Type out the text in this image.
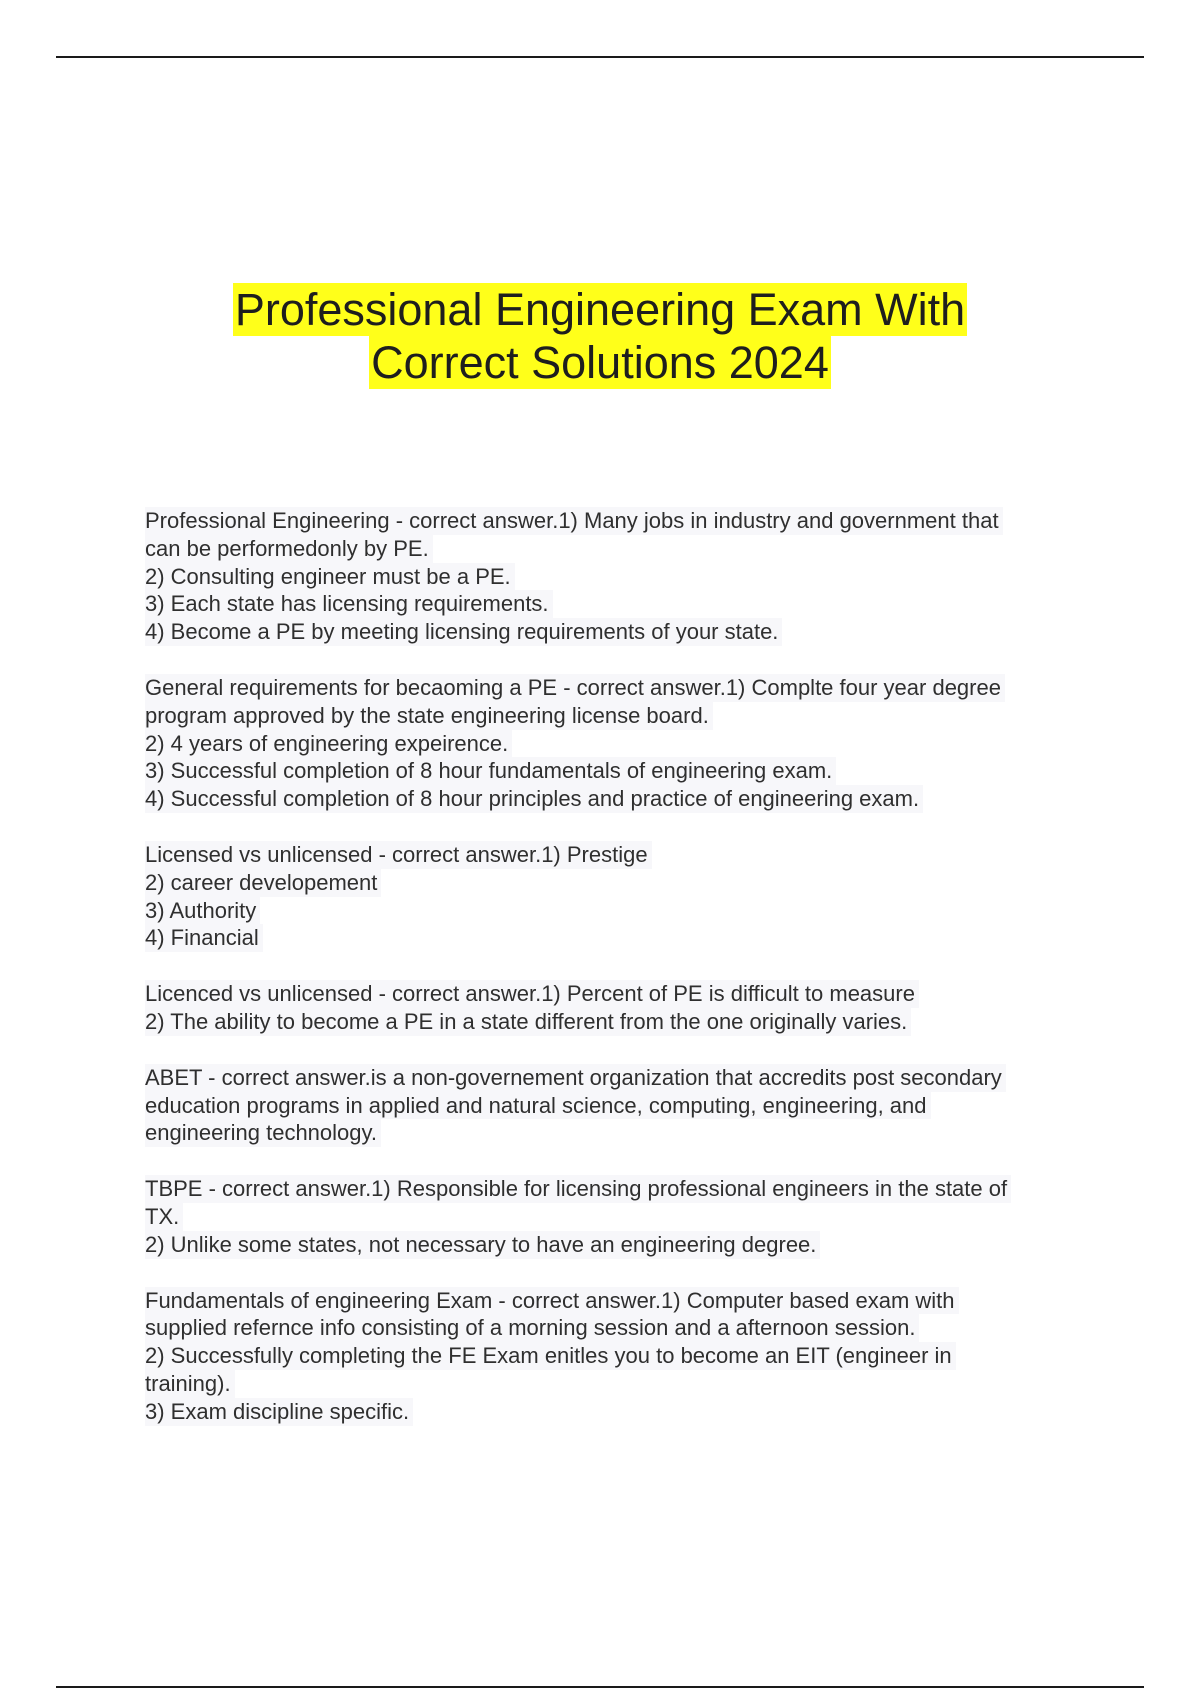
Professional Engineering Exam With
Correct Solutions 2024
Professional Engineering - correct answer.1) Many jobs in industry and government that
can be performedonly by PE.
2) Consulting engineer must be a PE.
3) Each state has licensing requirements.
4) Become a PE by meeting licensing requirements of your state.
General requirements for becaoming a PE - correct answer.1) Complte four year degree
program approved by the state engineering license board.
2) 4 years of engineering expeirence.
3) Successful completion of 8 hour fundamentals of engineering exam.
4) Successful completion of 8 hour principles and practice of engineering exam.
Licensed vs unlicensed - correct answer.1) Prestige
2) career developement
3) Authority
4) Financial
Licenced vs unlicensed - correct answer.1) Percent of PE is difficult to measure
2) The ability to become a PE in a state different from the one originally varies.
ABET - correct answer.is a non-governement organization that accredits post secondary
education programs in applied and natural science, computing, engineering, and
engineering technology.
TBPE - correct answer.1) Responsible for licensing professional engineers in the state of
TX.
2) Unlike some states, not necessary to have an engineering degree.
Fundamentals of engineering Exam - correct answer.1) Computer based exam with
supplied refernce info consisting of a morning session and a afternoon session.
2) Successfully completing the FE Exam enitles you to become an EIT (engineer in
training).
3) Exam discipline specific.
